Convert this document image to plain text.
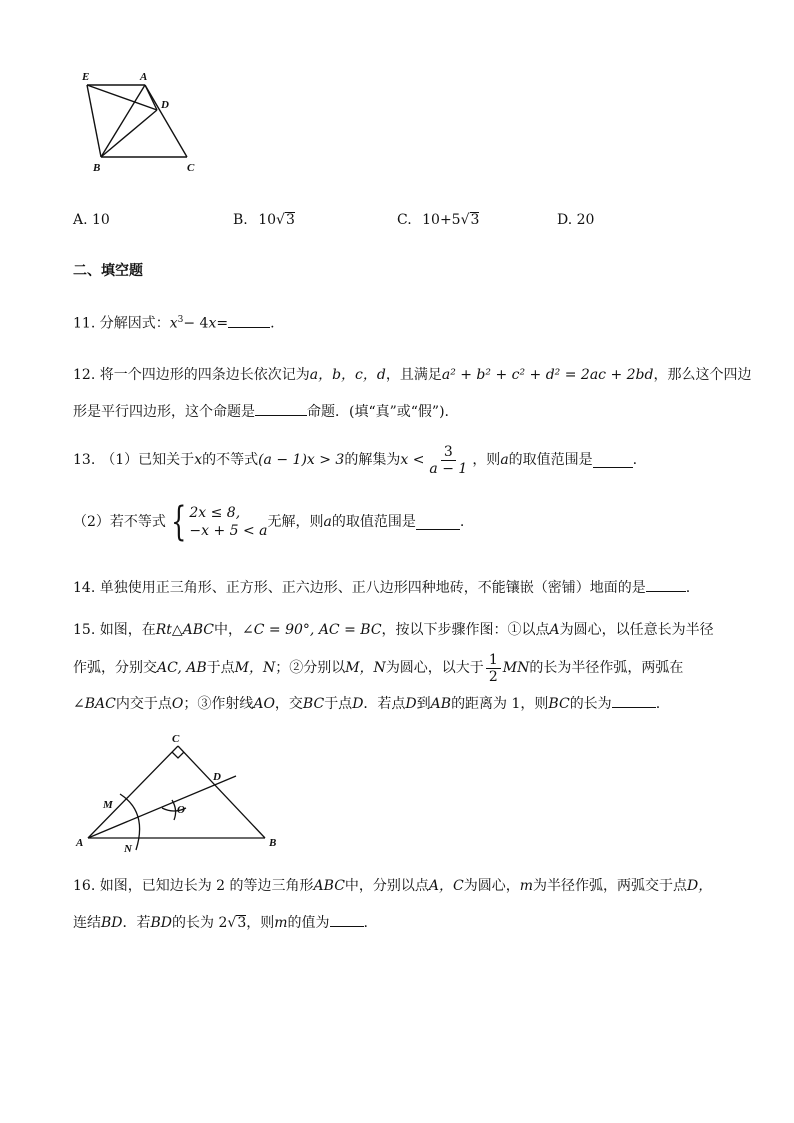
E	A
D
B	C
A. 10	B. 10√3	C. 10+5√3	D. 20
二、填空题
11. 分解因式：$x^3- 4x=$	.
12. 将一个四边形的四条边长依次记为a，b，c，d，且满足a² + b² + c² + d² = 2ac + 2bd，那么这个四边
形是平行四边形，这个命题是	命题．(填“真”或“假”).
13. （1）已知关于 x 的不等式 (a − 1)x > 3 的解集为 $x < \frac{3}{a - 1}$ ，则 a 的取值范围是	.
（2）若不等式 { 2x ≤ 8,
−x + 5 < a
无解，则 a 的取值范围是	.
14. 单独使用正三角形、正方形、正六边形、正八边形四种地砖，不能镶嵌（密铺）地面的是	.
15. 如图，在Rt△ABC中，∠C = 90°, AC = BC，按以下步骤作图：①以点A为圆心，以任意长为半径
作弧，分别交 AC, AB 于点 M，N ；②分别以 M，N 为圆心，以大于 $\frac{1}{2}$ MN 的长为半径作弧，两弧在
∠BAC内交于点O；③作射线AO，交BC于点D．若点D到AB的距离为 1，则BC的长为	.
C
D
M	O
A	N	B
16. 如图，已知边长为 2 的等边三角形ABC中，分别以点A，C为圆心，m为半径作弧，两弧交于点D，
连结BD．若BD的长为 2√3，则m的值为 .
